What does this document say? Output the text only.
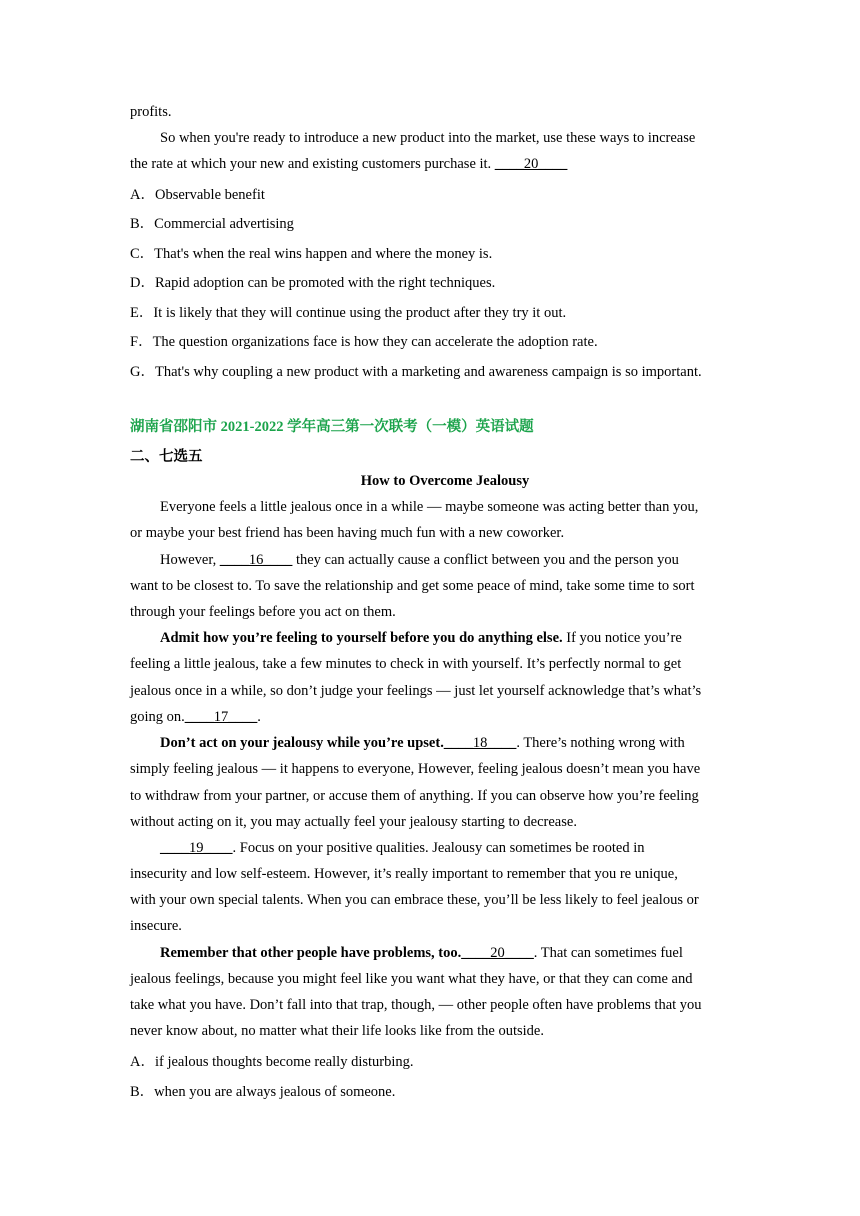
profits.
So when you're ready to introduce a new product into the market, use these ways to increase
the rate at which your new and existing customers purchase it. ____20____
A．Observable benefit
B．Commercial advertising
C．That's when the real wins happen and where the money is.
D．Rapid adoption can be promoted with the right techniques.
E．It is likely that they will continue using the product after they try it out.
F．The question organizations face is how they can accelerate the adoption rate.
G．That's why coupling a new product with a marketing and awareness campaign is so important.
湖南省邵阳市 2021-2022 学年高三第一次联考（一模）英语试题
二、七选五
How to Overcome Jealousy
Everyone feels a little jealous once in a while — maybe someone was acting better than you,
or maybe your best friend has been having much fun with a new coworker.
However, ____16____ they can actually cause a conflict between you and the person you
want to be closest to. To save the relationship and get some peace of mind, take some time to sort
through your feelings before you act on them.
Admit how you’re feeling to yourself before you do anything else. If you notice you’re
feeling a little jealous, take a few minutes to check in with yourself. It’s perfectly normal to get
jealous once in a while, so don’t judge your feelings — just let yourself acknowledge that’s what’s
going on.____17____.
Don’t act on your jealousy while you’re upset.____18____. There’s nothing wrong with
simply feeling jealous — it happens to everyone, However, feeling jealous doesn’t mean you have
to withdraw from your partner, or accuse them of anything. If you can observe how you’re feeling
without acting on it, you may actually feel your jealousy starting to decrease.
____19____. Focus on your positive qualities. Jealousy can sometimes be rooted in
insecurity and low self-esteem. However, it’s really important to remember that you re unique,
with your own special talents. When you can embrace these, you’ll be less likely to feel jealous or
insecure.
Remember that other people have problems, too.____20____. That can sometimes fuel
jealous feelings, because you might feel like you want what they have, or that they can come and
take what you have. Don’t fall into that trap, though, — other people often have problems that you
never know about, no matter what their life looks like from the outside.
A．if jealous thoughts become really disturbing.
B．when you are always jealous of someone.
